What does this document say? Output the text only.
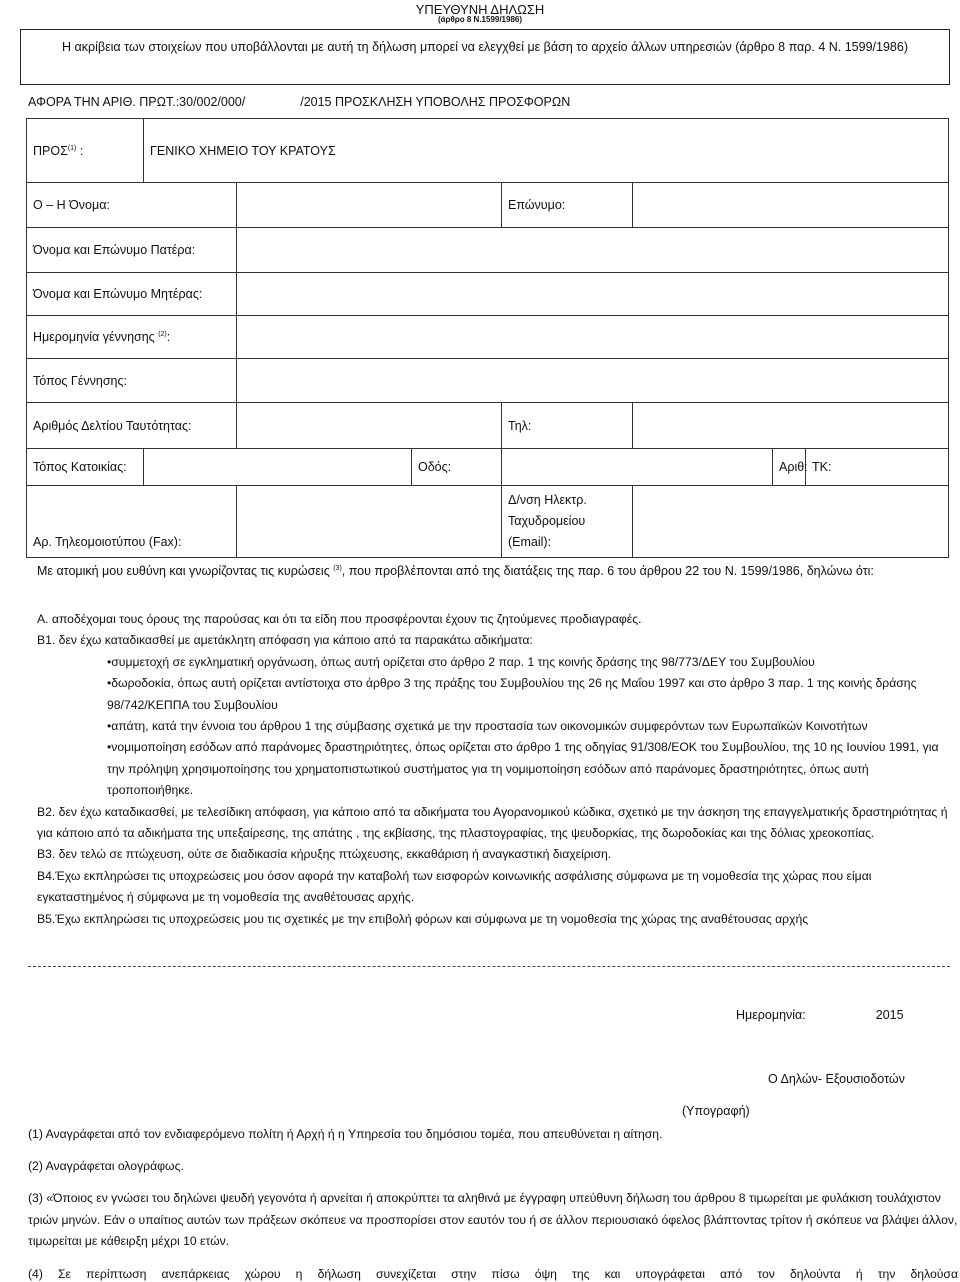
ΥΠΕΥΘΥΝΗ ΔΗΛΩΣΗ
(άρθρο 8 Ν.1599/1986)
Η ακρίβεια των στοιχείων που υποβάλλονται με αυτή τη δήλωση μπορεί να ελεγχθεί με βάση το αρχείο άλλων υπηρεσιών (άρθρο 8 παρ. 4 Ν. 1599/1986)
ΑΦΟΡΑ ΤΗΝ ΑΡΙΘ. ΠΡΩΤ.:30/002/000/	/2015 ΠΡΟΣΚΛΗΣΗ ΥΠΟΒΟΛΗΣ ΠΡΟΣΦΟΡΩΝ
ΠΡΟΣ$^{(1)}$ :	ΓΕΝΙΚΟ ΧΗΜΕΙΟ ΤΟΥ ΚΡΑΤΟΥΣ						
Ο – Η Όνομα:				Επώνυμο:			
Όνομα και Επώνυμο Πατέρα:							
Όνομα και Επώνυμο Μητέρας:							
Ημερομηνία γέννησης $^{(2)}$:							
Τόπος Γέννησης:							
Αριθμός Δελτίου Ταυτότητας:				Τηλ:			
Τόπος Κατοικίας:			Οδός:			Αριθ:	ΤΚ:
Αρ. Τηλεομοιοτύπου (Fax):				Δ/νση Ηλεκτρ.
Ταχυδρομείου
(Email):			
Με ατομική μου ευθύνη και γνωρίζοντας τις κυρώσεις $^{(3)}$, που προβλέπονται από της διατάξεις της παρ. 6 του άρθρου 22 του Ν. 1599/1986, δηλώνω ότι:

Α. αποδέχομαι τους όρους της παρούσας και ότι τα είδη που προσφέρονται έχουν τις ζητούμενες προδιαγραφές.

Β1. δεν έχω καταδικασθεί με αμετάκλητη απόφαση για κάποιο από τα παρακάτω αδικήματα:

•συμμετοχή σε εγκληματική οργάνωση, όπως αυτή ορίζεται στο άρθρο 2 παρ. 1 της κοινής δράσης της 98/773/ΔΕΥ του Συμβουλίου

•δωροδοκία, όπως αυτή ορίζεται αντίστοιχα στο άρθρο 3 της πράξης του Συμβουλίου της 26 ης Μαΐου 1997 και στο άρθρο 3 παρ. 1 της κοινής δράσης 98/742/ΚΕΠΠΑ του Συμβουλίου

•απάτη, κατά την έννοια του άρθρου 1 της σύμβασης σχετικά με την προστασία των οικονομικών συμφερόντων των Ευρωπαϊκών Κοινοτήτων

•νομιμοποίηση εσόδων από παράνομες δραστηριότητες, όπως ορίζεται στο άρθρο 1 της οδηγίας 91/308/ΕΟΚ του Συμβουλίου, της 10 ης Ιουνίου 1991, για την πρόληψη χρησιμοποίησης του χρηματοπιστωτικού συστήματος για τη νομιμοποίηση εσόδων από παράνομες δραστηριότητες, όπως αυτή τροποποιήθηκε.

Β2. δεν έχω καταδικασθεί, με τελεσίδικη απόφαση, για κάποιο από τα αδικήματα του Αγορανομικού κώδικα, σχετικό με την άσκηση της επαγγελματικής δραστηριότητας ή για κάποιο από τα αδικήματα της υπεξαίρεσης, της απάτης , της εκβίασης, της πλαστογραφίας, της ψευδορκίας, της δωροδοκίας και της δόλιας χρεοκοπίας.

Β3. δεν τελώ σε πτώχευση, ούτε σε διαδικασία κήρυξης πτώχευσης, εκκαθάριση ή αναγκαστική διαχείριση.

Β4.Έχω εκπληρώσει τις υποχρεώσεις μου όσον αφορά την καταβολή των εισφορών κοινωνικής ασφάλισης σύμφωνα με τη νομοθεσία της χώρας που είμαι εγκαταστημένος ή σύμφωνα με τη νομοθεσία της αναθέτουσας αρχής.

Β5.Έχω εκπληρώσει τις υποχρεώσεις μου τις σχετικές με την επιβολή φόρων και σύμφωνα με τη νομοθεσία της χώρας της αναθέτουσας αρχής

Ημερομηνία:	2015
Ο Δηλών- Εξουσιοδοτών
(Υπογραφή)
(1) Αναγράφεται από τον ενδιαφερόμενο πολίτη ή Αρχή ή η Υπηρεσία του δημόσιου τομέα, που απευθύνεται η αίτηση.
(2) Αναγράφεται ολογράφως.
(3) «Όποιος εν γνώσει του δηλώνει ψευδή γεγονότα ή αρνείται ή αποκρύπτει τα αληθινά με έγγραφη υπεύθυνη δήλωση του άρθρου 8 τιμωρείται με φυλάκιση τουλάχιστον τριών μηνών. Εάν ο υπαίτιος αυτών των πράξεων σκόπευε να προσπορίσει στον εαυτόν του ή σε άλλον περιουσιακό όφελος βλάπτοντας τρίτον ή σκόπευε να βλάψει άλλον, τιμωρείται με κάθειρξη μέχρι 10 ετών.
(4) Σε περίπτωση ανεπάρκειας χώρου η δήλωση συνεχίζεται στην πίσω όψη της και υπογράφεται από τον δηλούντα ή την δηλούσα
